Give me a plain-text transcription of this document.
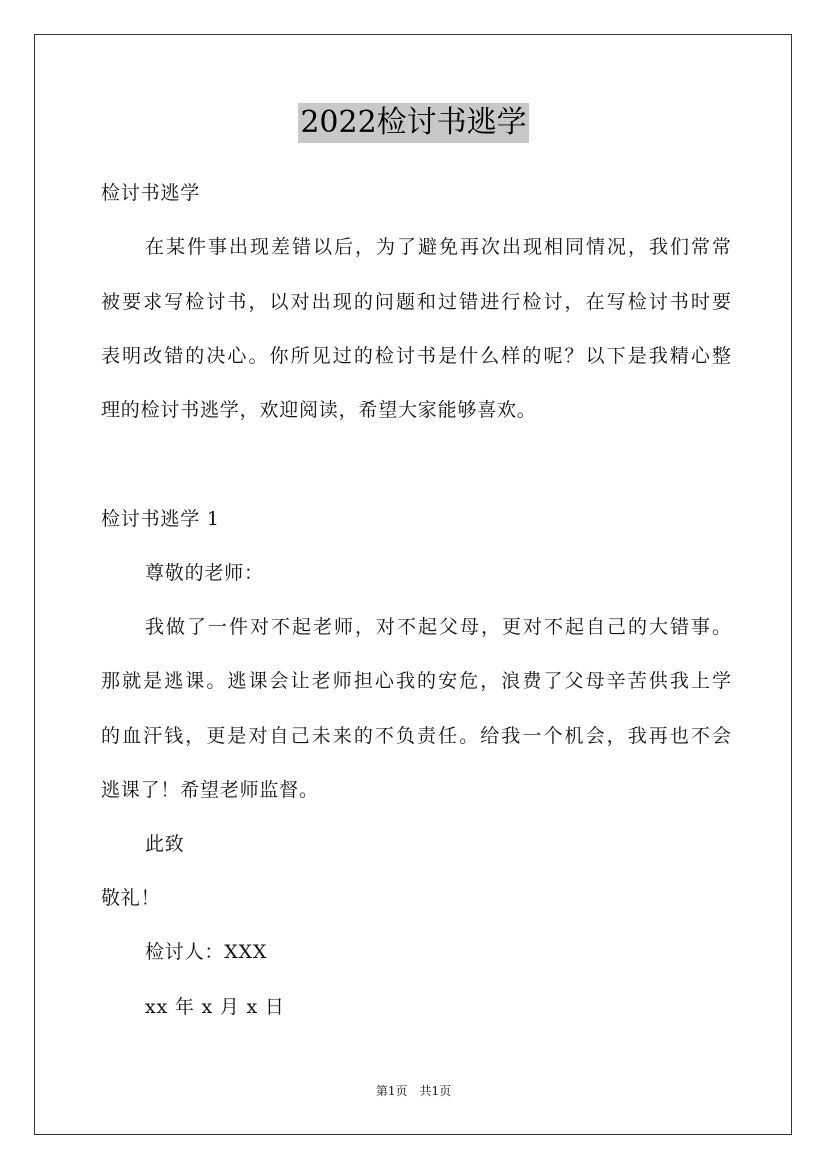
2022检讨书逃学
检讨书逃学
在某件事出现差错以后，为了避免再次出现相同情况，我们常常
被要求写检讨书，以对出现的问题和过错进行检讨，在写检讨书时要
表明改错的决心。你所见过的检讨书是什么样的呢？以下是我精心整
理的检讨书逃学，欢迎阅读，希望大家能够喜欢。
检讨书逃学 1
尊敬的老师：
我做了一件对不起老师，对不起父母，更对不起自己的大错事。
那就是逃课。逃课会让老师担心我的安危，浪费了父母辛苦供我上学
的血汗钱，更是对自己未来的不负责任。给我一个机会，我再也不会
逃课了！希望老师监督。
此致
敬礼！
检讨人：XXX
xx 年 x 月 x 日
第1页　共1页
